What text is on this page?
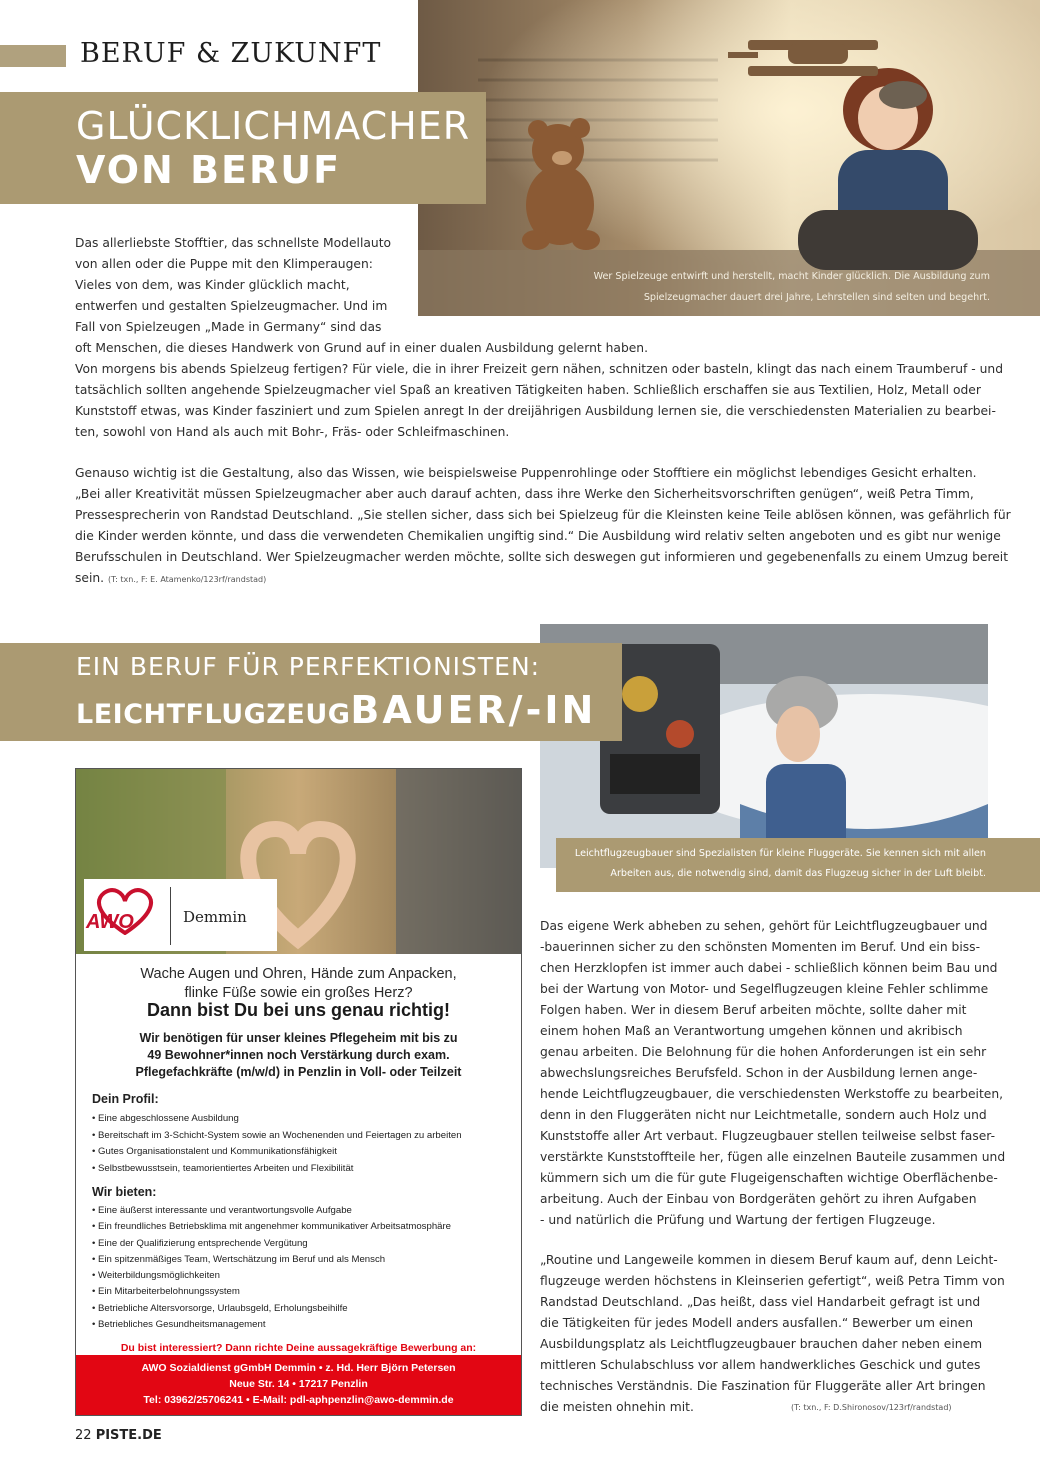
BERUF & ZUKUNFT
Wer Spielzeuge entwirft und herstellt, macht Kinder glücklich. Die Ausbildung zum
Spielzeugmacher dauert drei Jahre, Lehrstellen sind selten und begehrt.
GLÜCKLICHMACHER
VON BERUF
Das allerliebste Stofftier, das schnellste Modellauto
von allen oder die Puppe mit den Klimperaugen:
Vieles von dem, was Kinder glücklich macht,
entwerfen und gestalten Spielzeugmacher. Und im
Fall von Spielzeugen „Made in Germany“ sind das
oft Menschen, die dieses Handwerk von Grund auf in einer dualen Ausbildung gelernt haben.
Von morgens bis abends Spielzeug fertigen? Für viele, die in ihrer Freizeit gern nähen, schnitzen oder basteln, klingt das nach einem Traumberuf - und
tatsächlich sollten angehende Spielzeugmacher viel Spaß an kreativen Tätigkeiten haben. Schließlich erschaffen sie aus Textilien, Holz, Metall oder
Kunststoff etwas, was Kinder fasziniert und zum Spielen anregt In der dreijährigen Ausbildung lernen sie, die verschiedensten Materialien zu bearbei-
ten, sowohl von Hand als auch mit Bohr-, Fräs- oder Schleifmaschinen.
Genauso wichtig ist die Gestaltung, also das Wissen, wie beispielsweise Puppenrohlinge oder Stofftiere ein möglichst lebendiges Gesicht erhalten.
„Bei aller Kreativität müssen Spielzeugmacher aber auch darauf achten, dass ihre Werke den Sicherheitsvorschriften genügen“, weiß Petra Timm,
Pressesprecherin von Randstad Deutschland. „Sie stellen sicher, dass sich bei Spielzeug für die Kleinsten keine Teile ablösen können, was gefährlich für
die Kinder werden könnte, und dass die verwendeten Chemikalien ungiftig sind.“ Die Ausbildung wird relativ selten angeboten und es gibt nur wenige
Berufsschulen in Deutschland. Wer Spielzeugmacher werden möchte, sollte sich deswegen gut informieren und gegebenenfalls zu einem Umzug bereit
sein. (T: txn., F: E. Atamenko/123rf/randstad)
Leichtflugzeugbauer sind Spezialisten für kleine Fluggeräte. Sie kennen sich mit allen
Arbeiten aus, die notwendig sind, damit das Flugzeug sicher in der Luft bleibt.
EIN BERUF FÜR PERFEKTIONISTEN:
LEICHTFLUGZEUGBAUER/-IN
Das eigene Werk abheben zu sehen, gehört für Leichtflugzeugbauer und
-bauerinnen sicher zu den schönsten Momenten im Beruf. Und ein biss-
chen Herzklopfen ist immer auch dabei - schließlich können beim Bau und
bei der Wartung von Motor- und Segelflugzeugen kleine Fehler schlimme
Folgen haben. Wer in diesem Beruf arbeiten möchte, sollte daher mit
einem hohen Maß an Verantwortung umgehen können und akribisch
genau arbeiten. Die Belohnung für die hohen Anforderungen ist ein sehr
abwechslungsreiches Berufsfeld. Schon in der Ausbildung lernen ange-
hende Leichtflugzeugbauer, die verschiedensten Werkstoffe zu bearbeiten,
denn in den Fluggeräten nicht nur Leichtmetalle, sondern auch Holz und
Kunststoffe aller Art verbaut. Flugzeugbauer stellen teilweise selbst faser-
verstärkte Kunststoffteile her, fügen alle einzelnen Bauteile zusammen und
kümmern sich um die für gute Flugeigenschaften wichtige Oberflächenbe-
arbeitung. Auch der Einbau von Bordgeräten gehört zu ihren Aufgaben
- und natürlich die Prüfung und Wartung der fertigen Flugzeuge.
„Routine und Langeweile kommen in diesem Beruf kaum auf, denn Leicht-
flugzeuge werden höchstens in Kleinserien gefertigt“, weiß Petra Timm von
Randstad Deutschland. „Das heißt, dass viel Handarbeit gefragt ist und
die Tätigkeiten für jedes Modell anders ausfallen.“ Bewerber um einen
Ausbildungsplatz als Leichtflugzeugbauer brauchen daher neben einem
mittleren Schulabschluss vor allem handwerkliches Geschick und gutes
technisches Verständnis. Die Faszination für Fluggeräte aller Art bringen
die meisten ohnehin mit.	(T: txn., F: D.Shironosov/123rf/randstad)
AWO	Demmin
Wache Augen und Ohren, Hände zum Anpacken,
flinke Füße sowie ein großes Herz?
Dann bist Du bei uns genau richtig!
Wir benötigen für unser kleines Pflegeheim mit bis zu
49 Bewohner*innen noch Verstärkung durch exam.
Pflegefachkräfte (m/w/d) in Penzlin in Voll- oder Teilzeit
Dein Profil:
• Eine abgeschlossene Ausbildung
• Bereitschaft im 3-Schicht-System sowie an Wochenenden und Feiertagen zu arbeiten
• Gutes Organisationstalent und Kommunikationsfähigkeit
• Selbstbewusstsein, teamorientiertes Arbeiten und Flexibilität
Wir bieten:
• Eine äußerst interessante und verantwortungsvolle Aufgabe
• Ein freundliches Betriebsklima mit angenehmer kommunikativer Arbeitsatmosphäre
• Eine der Qualifizierung entsprechende Vergütung
• Ein spitzenmäßiges Team, Wertschätzung im Beruf und als Mensch
• Weiterbildungsmöglichkeiten
• Ein Mitarbeiterbelohnungssystem
• Betriebliche Altersvorsorge, Urlaubsgeld, Erholungsbeihilfe
• Betriebliches Gesundheitsmanagement
Du bist interessiert? Dann richte Deine aussagekräftige Bewerbung an:
AWO Sozialdienst gGmbH Demmin • z. Hd. Herr Björn Petersen
Neue Str. 14 • 17217 Penzlin
Tel: 03962/25706241 • E-Mail: pdl-aphpenzlin@awo-demmin.de
22 PISTE.DE
